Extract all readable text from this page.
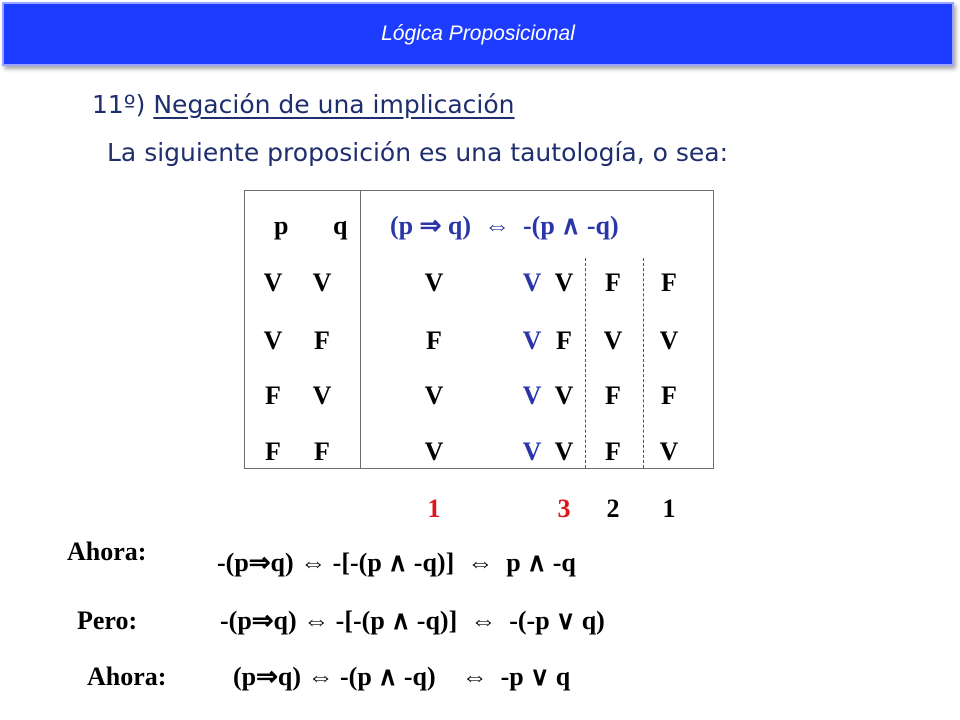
Lógica Proposicional
11º) Negación de una implicación
La siguiente proposición es una tautología, o sea:
p q (p ⇒ q)  ⇔  -(p ∧ -q)
V V	V	V V F F
V F	F	V F V V
F V	V	V V F F
F F	V	V V F V
1	3	2	1
Ahora:	-(p⇒q) ⇔ -[-(p ∧ -q)]  ⇔  p ∧ -q
Pero:	-(p⇒q) ⇔ -[-(p ∧ -q)]  ⇔  -(-p ∨ q)
Ahora:	(p⇒q) ⇔ -(p ∧ -q)    ⇔  -p ∨ q
